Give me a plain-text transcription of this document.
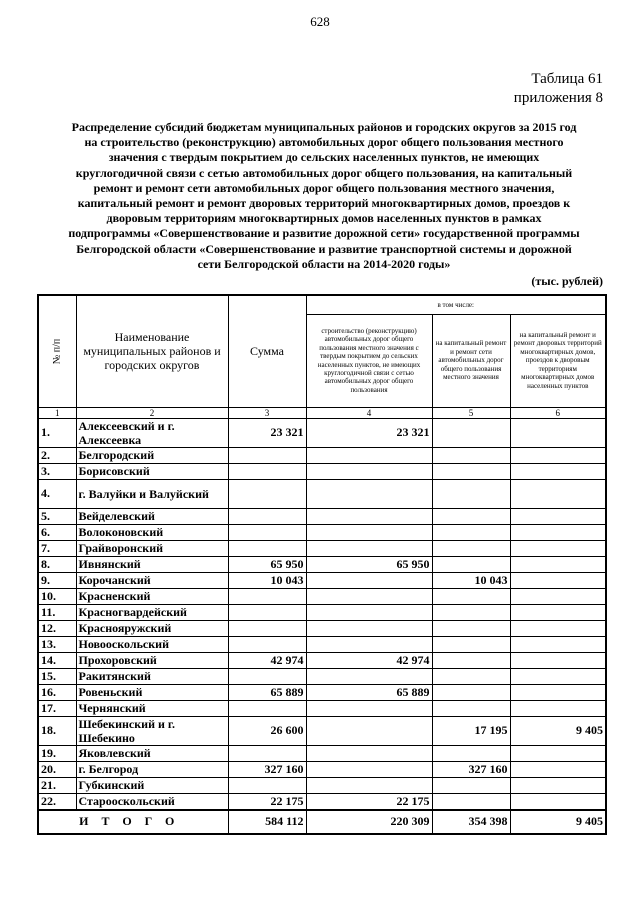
628
Таблица 61
приложения 8
Распределение субсидий бюджетам муниципальных районов и городских округов за 2015 год
на строительство (реконструкцию) автомобильных дорог общего пользования местного
значения с твердым покрытием до сельских населенных пунктов, не имеющих
круглогодичной связи с сетью автомобильных дорог общего пользования, на капитальный
ремонт и ремонт сети автомобильных дорог общего пользования местного значения,
капитальный ремонт и ремонт дворовых территорий многоквартирных домов, проездов к
дворовым территориям многоквартирных домов населенных пунктов в рамках
подпрограммы «Совершенствование и развитие дорожной сети» государственной программы
Белгородской области «Совершенствование и развитие транспортной системы и дорожной
сети Белгородской области на 2014-2020 годы»
(тыс. рублей)
№ п/п	Наименование муниципальных районов и городских округов	Сумма	в том числе:		
			строительство (реконструкцию) автомобильных дорог общего пользования местного значения с твердым покрытием до сельских населенных пунктов, не имеющих круглогодичной связи с сетью автомобильных дорог общего пользования	на капитальный ремонт и ремонт сети автомобильных дорог общего пользования местного значения	на капитальный ремонт и ремонт дворовых территорий многоквартирных домов, проездов к дворовым территориям многоквартирных домов населенных пунктов
1	2	3	4	5	6
1.	Алексеевский и г. Алексеевка	23 321	23 321		
2.	Белгородский				
3.	Борисовский				
4.	г. Валуйки и Валуйский				
5.	Вейделевский				
6.	Волоконовский				
7.	Грайворонский				
8.	Ивнянский	65 950	65 950		
9.	Корочанский	10 043		10 043	
10.	Красненский				
11.	Красногвардейский				
12.	Краснояружский				
13.	Новооскольский				
14.	Прохоровский	42 974	42 974		
15.	Ракитянский				
16.	Ровеньский	65 889	65 889		
17.	Чернянский				
18.	Шебекинский и г. Шебекино	26 600		17 195	9 405
19.	Яковлевский				
20.	г. Белгород	327 160		327 160	
21.	Губкинский				
22.	Старооскольский	22 175	22 175		
ИТОГО		584 112	220 309	354 398	9 405
